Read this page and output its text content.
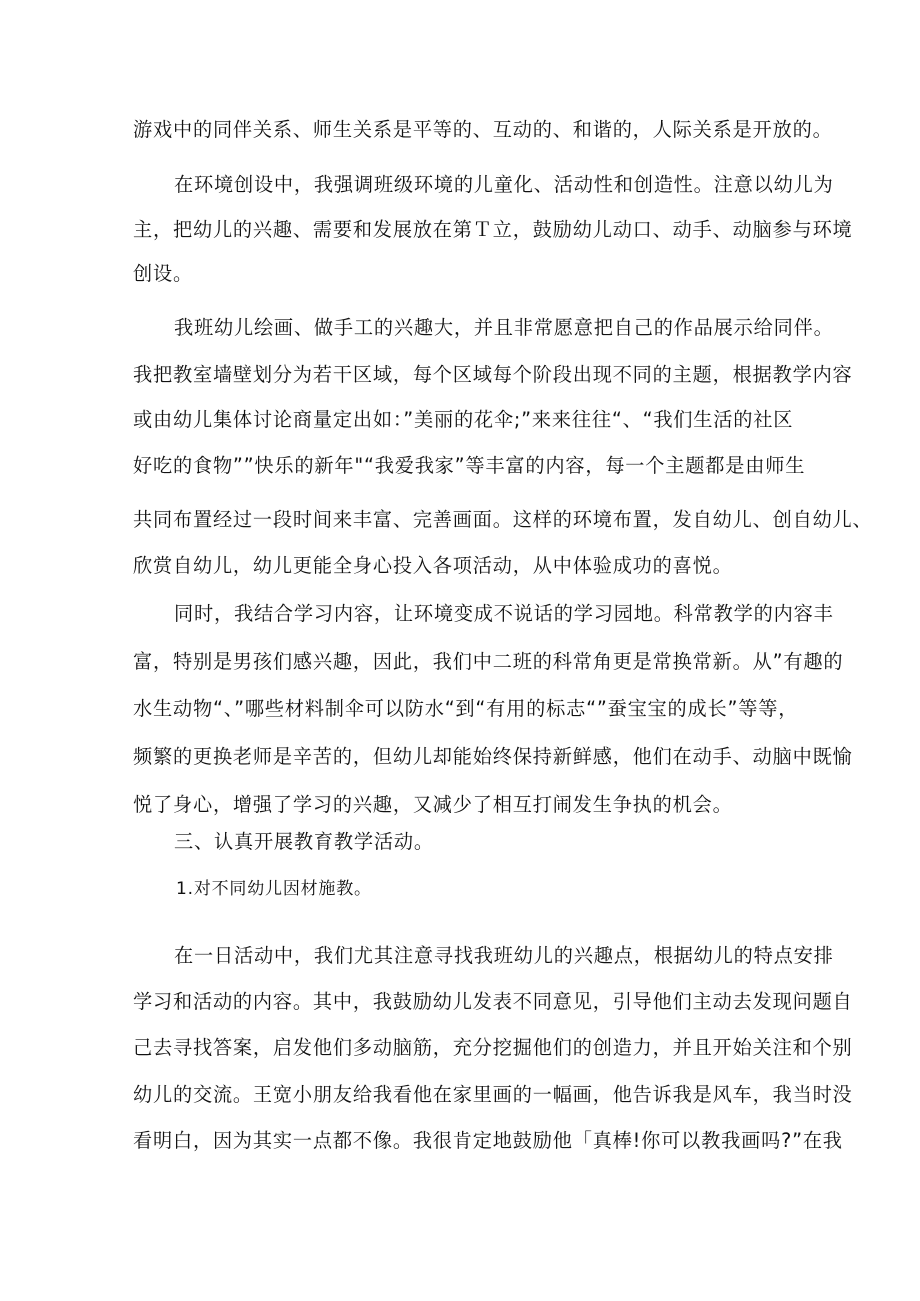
游戏中的同伴关系、师生关系是平等的、互动的、和谐的，人际关系是开放的。
在环境创设中，我强调班级环境的儿童化、活动性和创造性。注意以幼儿为
主，把幼儿的兴趣、需要和发展放在第Ｔ立，鼓励幼儿动口、动手、动脑参与环境
创设。
我班幼儿绘画、做手工的兴趣大，并且非常愿意把自己的作品展示给同伴。
我把教室墙壁划分为若干区域，每个区域每个阶段出现不同的主题，根据教学内容
或由幼儿集体讨论商量定出如：”美丽的花伞;”来来往往“、“我们生活的社区
好吃的食物””快乐的新年"“我爱我家”等丰富的内容，每一个主题都是由师生
共同布置经过一段时间来丰富、完善画面。这样的环境布置，发自幼儿、创自幼儿、
欣赏自幼儿，幼儿更能全身心投入各项活动，从中体验成功的喜悦。
同时，我结合学习内容，让环境变成不说话的学习园地。科常教学的内容丰
富，特别是男孩们感兴趣，因此，我们中二班的科常角更是常换常新。从”有趣的
水生动物“、”哪些材料制伞可以防水“到“有用的标志“”蚕宝宝的成长”等等，
频繁的更换老师是辛苦的，但幼儿却能始终保持新鲜感，他们在动手、动脑中既愉
悦了身心，增强了学习的兴趣，又减少了相互打闹发生争执的机会。
三、认真开展教育教学活动。
1.对不同幼儿因材施教。
在一日活动中，我们尤其注意寻找我班幼儿的兴趣点，根据幼儿的特点安排
学习和活动的内容。其中，我鼓励幼儿发表不同意见，引导他们主动去发现问题自
己去寻找答案，启发他们多动脑筋，充分挖掘他们的创造力，并且开始关注和个别
幼儿的交流。王宽小朋友给我看他在家里画的一幅画，他告诉我是风车，我当时没
看明白，因为其实一点都不像。我很肯定地鼓励他「真棒!你可以教我画吗?”在我
